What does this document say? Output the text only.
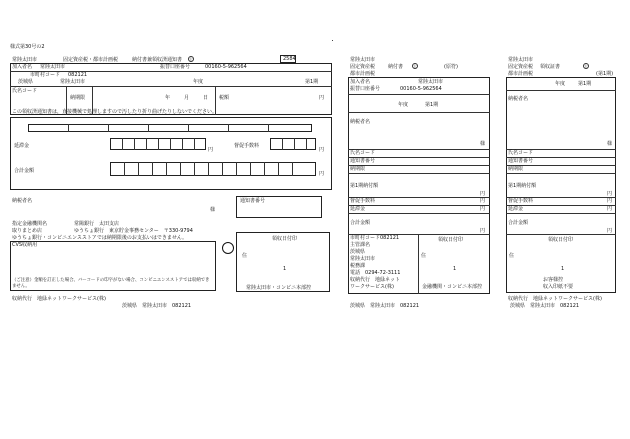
様式第30号の2
常陸太田市	固定資産税・都市計画税	納付書兼領収済通知書	公	2584
加入者名 常陸太田市	振替口座番号	00160-5-962564
市町村コード 082121
茨城県	常陸太田市	年度	第1期
氏名コード
納期限	年	月	日 税額	円
この領収済通知書は，直接機械で処理しますので汚したり折り曲げたりしないでください。
延滞金
円
督促手数料
円
合計金額	円
納税者名
様
通知書番号
指定金融機関名	常陽銀行　太田支店
取りまとめ店	ゆうちょ銀行　東京貯金事務センター　〒330-9794
ゆうちょ銀行・コンビニエンスストアでは納期限後のお支払いはできません。
CVS収納用
（ご注意）金額を訂正した場合、バーコードの印字がない場合、コンビニエンスストアでは収納できません。
収納代行　地緑ネットワークサービス(株)
領収日付印
住
1
常陸太田市・コンビニ本部控
茨城県　常陸太田市　082121
常陸太田市
固定資産税	納付書	公	(原符)
都市計画税
加入者名	常陸太田市
振替口座番号	00160-5-962564
年度	第1期
納税者名
様
氏名コード
通知書番号
納期限
第1期納付額
円
督促手数料	円
延滞金	円
合計金額
円
市町村コード082121	領収日付印
主管課名
茨城県
常陸太田市
税務課
電話　0294-72-3111
収納代行　地緑ネット
ワークサービス(株)
住
1
金融機関・コンビニ本部控
茨城県　常陸太田市　082121
常陸太田市
固定資産税 領収証書	公
都市計画税	(第1期)
年度	第1期
納税者名
様
氏名コード
通知書番号
納期限
第1期納付額
円
督促手数料	円
延滞金	円
合計金額
円
領収日付印
住
1
お客様控
収入印紙不要
収納代行　地緑ネットワークサービス(株)
茨城県　常陸太田市　082121
